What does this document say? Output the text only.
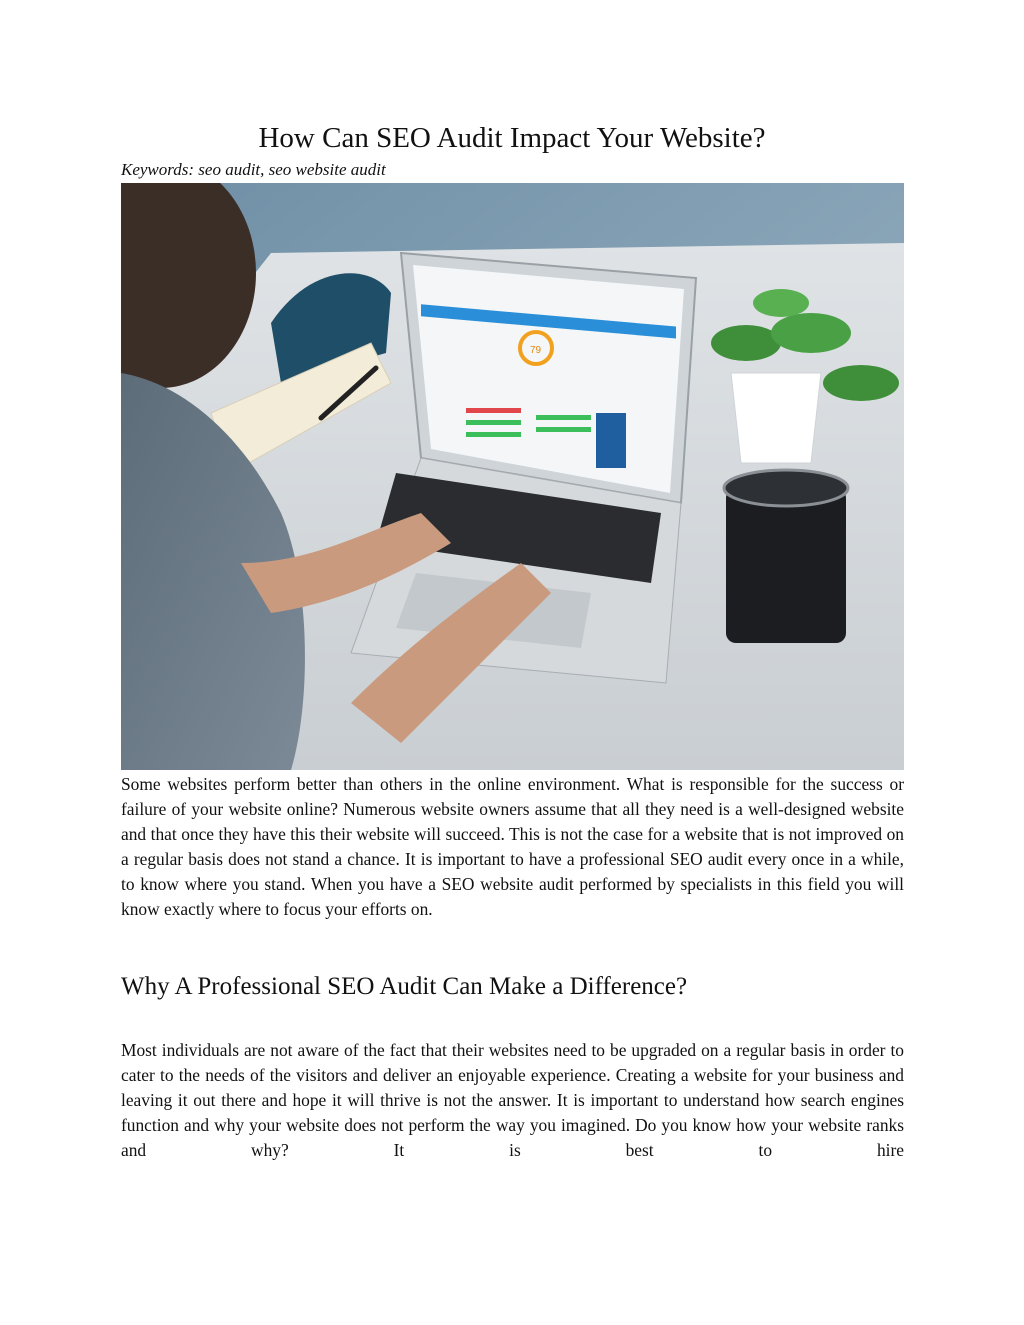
How Can SEO Audit Impact Your Website?

Keywords: seo audit, seo website audit

79

Some websites perform better than others in the online environment. What is responsible for the success or failure of your website online? Numerous website owners assume that all they need is a well-designed website and that once they have this their website will succeed. This is not the case for a website that is not improved on a regular basis does not stand a chance. It is important to have a professional SEO audit every once in a while, to know where you stand. When you have a SEO website audit performed by specialists in this field you will know exactly where to focus your efforts on.

Why A Professional SEO Audit Can Make a Difference?

Most individuals are not aware of the fact that their websites need to be upgraded on a regular basis in order to cater to the needs of the visitors and deliver an enjoyable experience. Creating a website for your business and leaving it out there and hope it will thrive is not the answer. It is important to understand how search engines function and why your website does not perform the way you imagined. Do you know how your website ranks and why? It is best to hire
